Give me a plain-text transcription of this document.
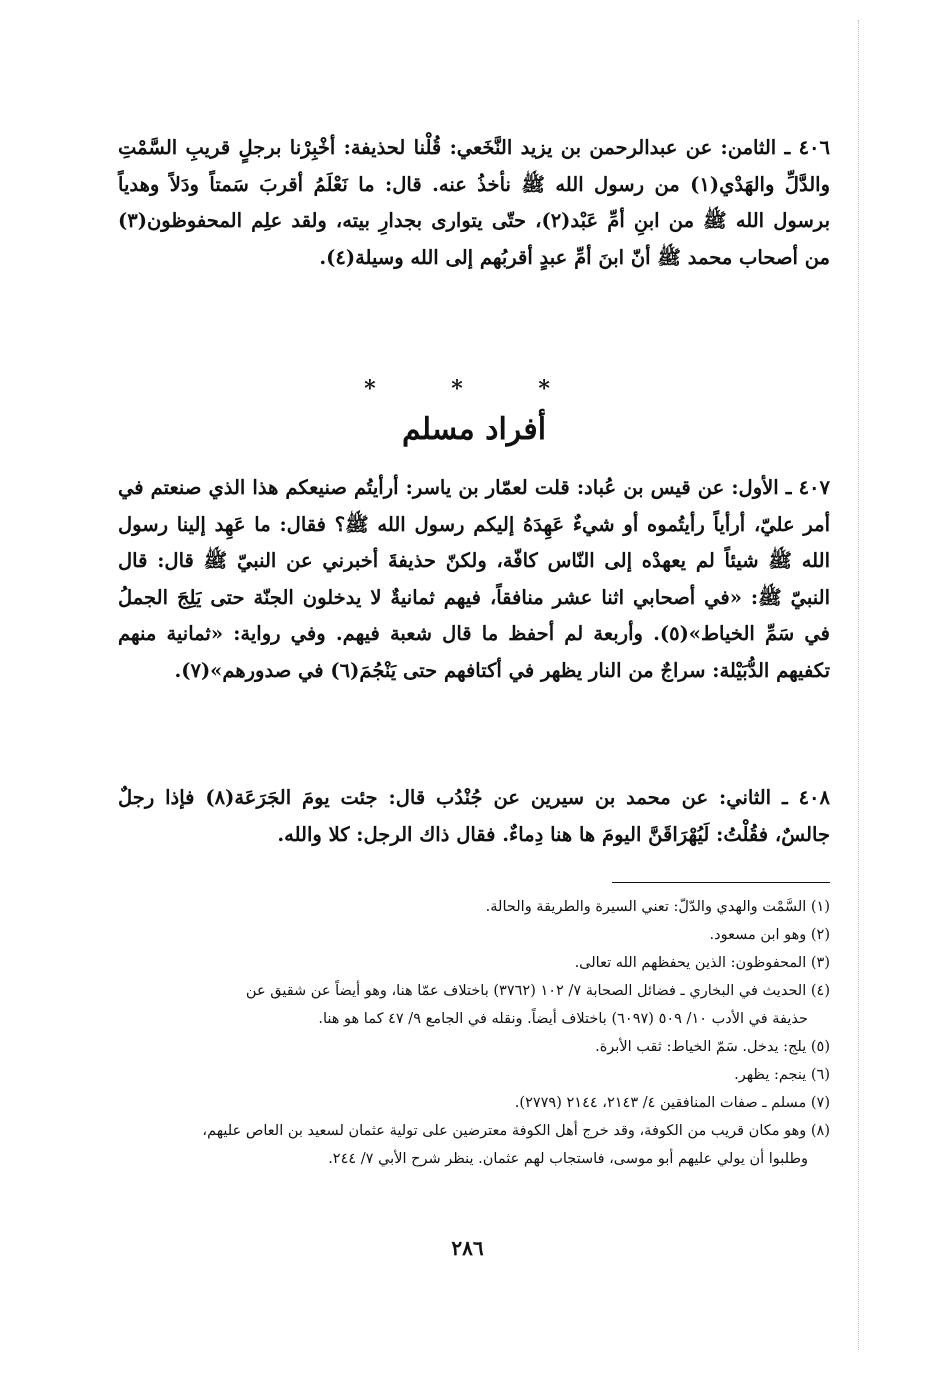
٤٠٦ ـ الثامن: عن عبدالرحمن بن يزيد النَّخَعي: قُلْنا لحذيفة: أخْبِرْنا برجلٍ قريبِ السَّمْتِ والدَّلِّ والهَدْي(١) من رسول الله ﷺ نأخذُ عنه. قال: ما نَعْلَمُ أقربَ سَمتاً ودَلاً وهدياً برسول الله ﷺ من ابنِ أمِّ عَبْد(٢)، حتّى يتوارى بجدارِ بيته، ولقد علِم المحفوظون(٣) من أصحاب محمد ﷺ أنّ ابنَ أمِّ عبدٍ أقربُهم إلى الله وسيلة(٤).

* * *
أفراد مسلم

٤٠٧ ـ الأول: عن قيس بن عُباد: قلت لعمّار بن ياسر: أرأيتُم صنيعكم هذا الذي صنعتم في أمر عليّ، أرأياً رأيتُموه أو شيءٌ عَهِدَهُ إليكم رسول الله ﷺ؟ فقال: ما عَهِد إلينا رسول الله ﷺ شيئاً لم يعهدْه إلى النّاس كافّة، ولكنّ حذيفةَ أخبرني عن النبيّ ﷺ قال: قال النبيّ ﷺ: «في أصحابي اثنا عشر منافقاً، فيهم ثمانيةٌ لا يدخلون الجنّة حتى يَلِجَ الجملُ في سَمِّ الخياط»(٥). وأربعة لم أحفظ ما قال شعبة فيهم. وفي رواية: «ثمانية منهم تكفيهم الدُّبَيْلة: سراجٌ من النار يظهر في أكتافهم حتى يَنْجُمَ(٦) في صدورهم»(٧).

٤٠٨ ـ الثاني: عن محمد بن سيرين عن جُنْدُب قال: جئت يومَ الجَرَعَة(٨) فإذا رجلٌ جالسٌ، فقُلْتُ: لَيُهْرَاقَنَّ اليومَ ها هنا دِماءٌ. فقال ذاك الرجل: كلا والله.

(١) السَّمْت والهدي والدّلّ: تعني السيرة والطريقة والحالة.
(٢) وهو ابن مسعود.
(٣) المحفوظون: الذين يحفظهم الله تعالى.
(٤) الحديث في البخاري ـ فضائل الصحابة ٧/ ١٠٢ (٣٧٦٢) باختلاف عمّا هنا، وهو أيضاً عن شقيق عن
حذيفة في الأدب ١٠/ ٥٠٩ (٦٠٩٧) باختلاف أيضاً. ونقله في الجامع ٩/ ٤٧ كما هو هنا.
(٥) يلج: يدخل. سَمّ الخياط: ثقب الأبرة.
(٦) ينجم: يظهر.
(٧) مسلم ـ صفات المنافقين ٤/ ٢١٤٣، ٢١٤٤ (٢٧٧٩).
(٨) وهو مكان قريب من الكوفة، وقد خرج أهل الكوفة معترضين على تولية عثمان لسعيد بن العاص عليهم،
وطلبوا أن يولي عليهم أبو موسى، فاستجاب لهم عثمان. ينظر شرح الأبي ٧/ ٢٤٤.
٢٨٦
